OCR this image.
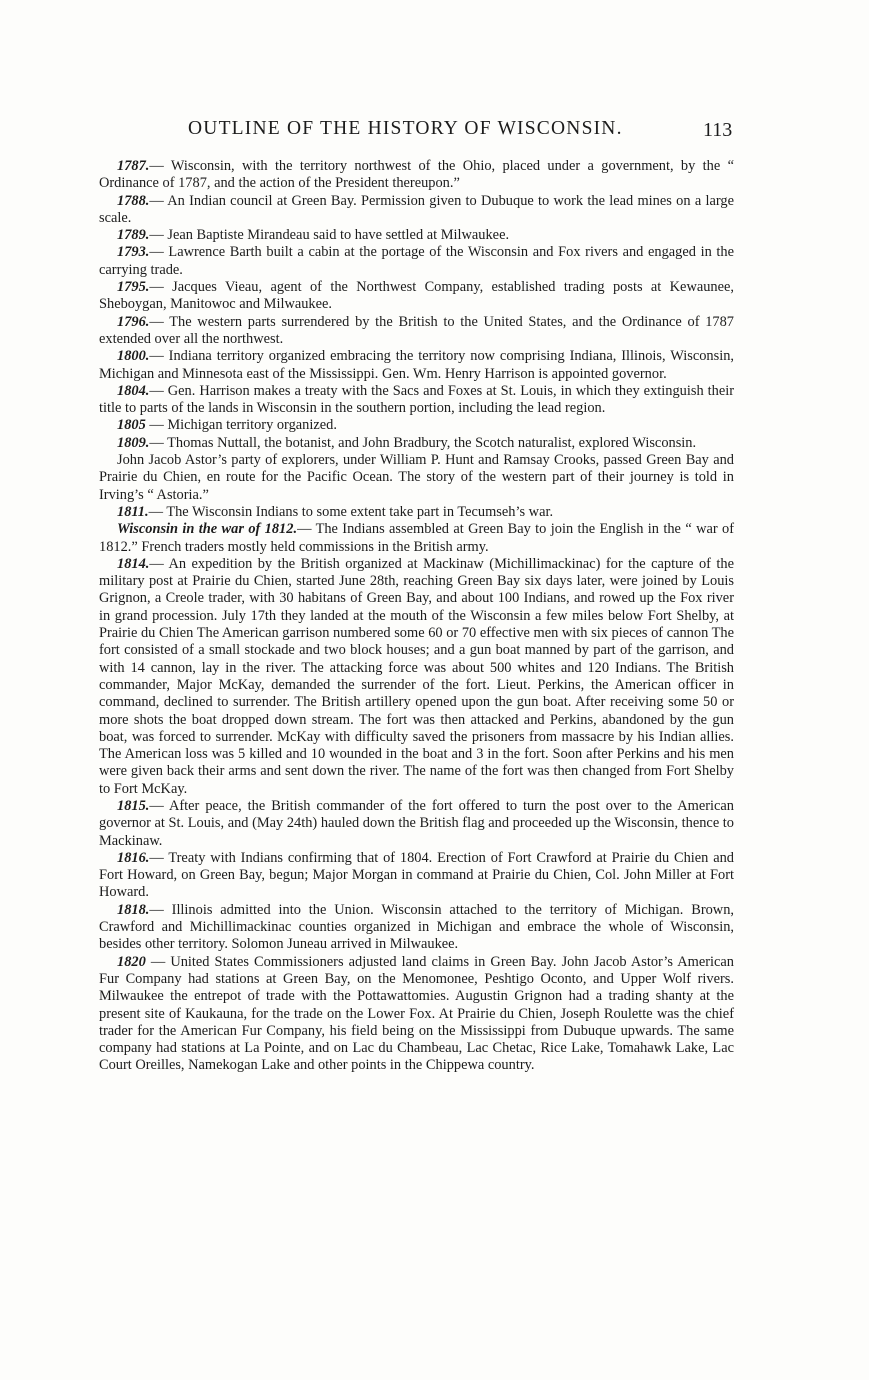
OUTLINE OF THE HISTORY OF WISCONSIN.	113

1787.— Wisconsin, with the territory northwest of the Ohio, placed under a government, by the “ Ordinance of 1787, and the action of the President thereupon.”

1788.— An Indian council at Green Bay. Permission given to Dubuque to work the lead mines on a large scale.

1789.— Jean Baptiste Mirandeau said to have settled at Milwaukee.

1793.— Lawrence Barth built a cabin at the portage of the Wisconsin and Fox rivers and engaged in the carrying trade.

1795.— Jacques Vieau, agent of the Northwest Company, established trading posts at Kewaunee, Sheboygan, Manitowoc and Milwaukee.

1796.— The western parts surrendered by the British to the United States, and the Ordinance of 1787 extended over all the northwest.

1800.— Indiana territory organized embracing the territory now comprising Indiana, Illinois, Wisconsin, Michigan and Minnesota east of the Mississippi. Gen. Wm. Henry Harrison is appointed governor.

1804.— Gen. Harrison makes a treaty with the Sacs and Foxes at St. Louis, in which they extinguish their title to parts of the lands in Wisconsin in the southern portion, including the lead region.

1805 — Michigan territory organized.

1809.— Thomas Nuttall, the botanist, and John Bradbury, the Scotch naturalist, explored Wisconsin.

John Jacob Astor’s party of explorers, under William P. Hunt and Ramsay Crooks, passed Green Bay and Prairie du Chien, en route for the Pacific Ocean. The story of the western part of their journey is told in Irving’s “ Astoria.”

1811.— The Wisconsin Indians to some extent take part in Tecumseh’s war.

Wisconsin in the war of 1812.— The Indians assembled at Green Bay to join the English in the “ war of 1812.” French traders mostly held commissions in the British army.

1814.— An expedition by the British organized at Mackinaw (Michillimackinac) for the capture of the military post at Prairie du Chien, started June 28th, reaching Green Bay six days later, were joined by Louis Grignon, a Creole trader, with 30 habitans of Green Bay, and about 100 Indians, and rowed up the Fox river in grand procession. July 17th they landed at the mouth of the Wisconsin a few miles below Fort Shelby, at Prairie du Chien The American garrison numbered some 60 or 70 effective men with six pieces of cannon The fort consisted of a small stockade and two block houses; and a gun boat manned by part of the garrison, and with 14 cannon, lay in the river. The attacking force was about 500 whites and 120 Indians. The British commander, Major McKay, demanded the surrender of the fort. Lieut. Perkins, the American officer in command, declined to surrender. The British artillery opened upon the gun boat. After receiving some 50 or more shots the boat dropped down stream. The fort was then attacked and Perkins, abandoned by the gun boat, was forced to surrender. McKay with difficulty saved the prisoners from massacre by his Indian allies. The American loss was 5 killed and 10 wounded in the boat and 3 in the fort. Soon after Perkins and his men were given back their arms and sent down the river. The name of the fort was then changed from Fort Shelby to Fort McKay.

1815.— After peace, the British commander of the fort offered to turn the post over to the American governor at St. Louis, and (May 24th) hauled down the British flag and proceeded up the Wisconsin, thence to Mackinaw.

1816.— Treaty with Indians confirming that of 1804. Erection of Fort Crawford at Prairie du Chien and Fort Howard, on Green Bay, begun; Major Morgan in command at Prairie du Chien, Col. John Miller at Fort Howard.

1818.— Illinois admitted into the Union. Wisconsin attached to the territory of Michigan. Brown, Crawford and Michillimackinac counties organized in Michigan and embrace the whole of Wisconsin, besides other territory. Solomon Juneau arrived in Milwaukee.

1820 — United States Commissioners adjusted land claims in Green Bay. John Jacob Astor’s American Fur Company had stations at Green Bay, on the Menomonee, Peshtigo Oconto, and Upper Wolf rivers. Milwaukee the entrepot of trade with the Pottawattomies. Augustin Grignon had a trading shanty at the present site of Kaukauna, for the trade on the Lower Fox. At Prairie du Chien, Joseph Roulette was the chief trader for the American Fur Company, his field being on the Mississippi from Dubuque upwards. The same company had stations at La Pointe, and on Lac du Chambeau, Lac Chetac, Rice Lake, Tomahawk Lake, Lac Court Oreilles, Namekogan Lake and other points in the Chippewa country.
